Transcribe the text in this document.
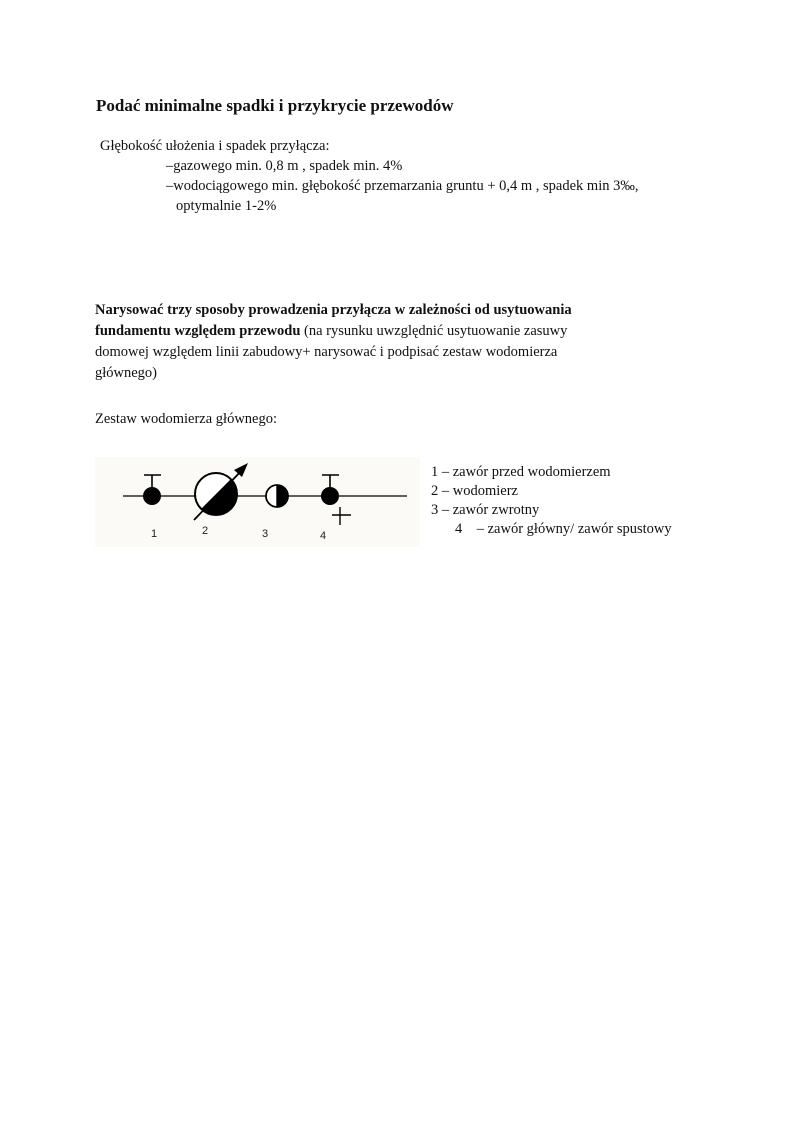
Podać minimalne spadki i przykrycie przewodów
Głębokość ułożenia i spadek przyłącza:
–gazowego min. 0,8 m , spadek min. 4%
–wodociągowego min. głębokość przemarzania gruntu + 0,4 m , spadek min 3‰,
optymalnie 1-2%
Narysować trzy sposoby prowadzenia przyłącza w zależności od usytuowania
fundamentu względem przewodu (na rysunku uwzględnić usytuowanie zasuwy
domowej względem linii zabudowy+ narysować i podpisać zestaw wodomierza
głównego)
Zestaw wodomierza głównego:
1	2	3	4
1 – zawór przed wodomierzem
2 – wodomierz
3 – zawór zwrotny
4    – zawór główny/ zawór spustowy
